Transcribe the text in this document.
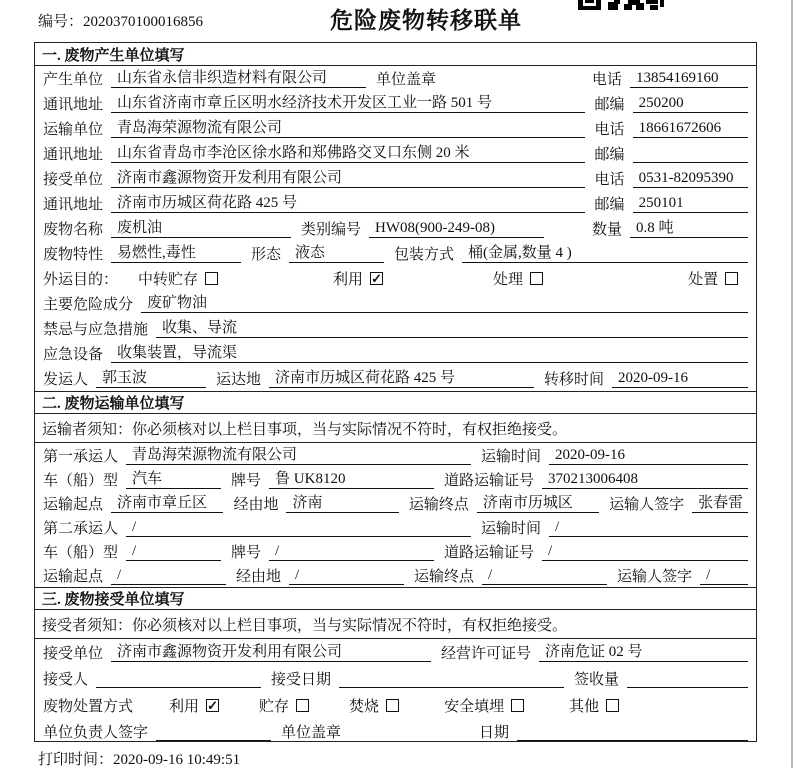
编号：2020370100016856	危险废物转移联单
一. 废物产生单位填写
产生单位 山东省永信非织造材料有限公司	单位盖章	电话 13854169160
通讯地址 山东省济南市章丘区明水经济技术开发区工业一路 501 号	邮编 250200
运输单位 青岛海荣源物流有限公司	电话 18661672606
通讯地址 山东省青岛市李沧区徐水路和郑佛路交叉口东侧 20 米	邮编
接受单位 济南市鑫源物资开发利用有限公司	电话 0531-82095390
通讯地址 济南市历城区荷花路 425 号	邮编 250101
废物名称 废机油	类别编号 HW08(900-249-08)	数量 0.8 吨
废物特性 易燃性,毒性	形态 液态	包装方式 桶(金属,数量 4 )
外运目的： 中转贮存	利用 ✓	处理	处置
主要危险成分 废矿物油
禁忌与应急措施 收集、导流
应急设备 收集装置，导流渠
发运人 郭玉波	运达地 济南市历城区荷花路 425 号	转移时间 2020-09-16
二. 废物运输单位填写
运输者须知：你必须核对以上栏目事项，当与实际情况不符时，有权拒绝接受。
第一承运人 青岛海荣源物流有限公司	运输时间 2020-09-16
车（船）型 汽车	牌号 鲁 UK8120	道路运输证号 370213006408
运输起点 济南市章丘区	经由地 济南	运输终点 济南市历城区	运输人签字 张春雷
第二承运人 /	运输时间 /
车（船）型 /	牌号 /	道路运输证号 /
运输起点 /	经由地 /	运输终点 /	运输人签字 /
三. 废物接受单位填写
接受者须知：你必须核对以上栏目事项，当与实际情况不符时，有权拒绝接受。
接受单位 济南市鑫源物资开发利用有限公司	经营许可证号 济南危证 02 号
接受人	接受日期	签收量
废物处置方式 利用 ✓	贮存	焚烧	安全填埋	其他
单位负责人签字	单位盖章	日期
打印时间：2020-09-16 10:49:51
